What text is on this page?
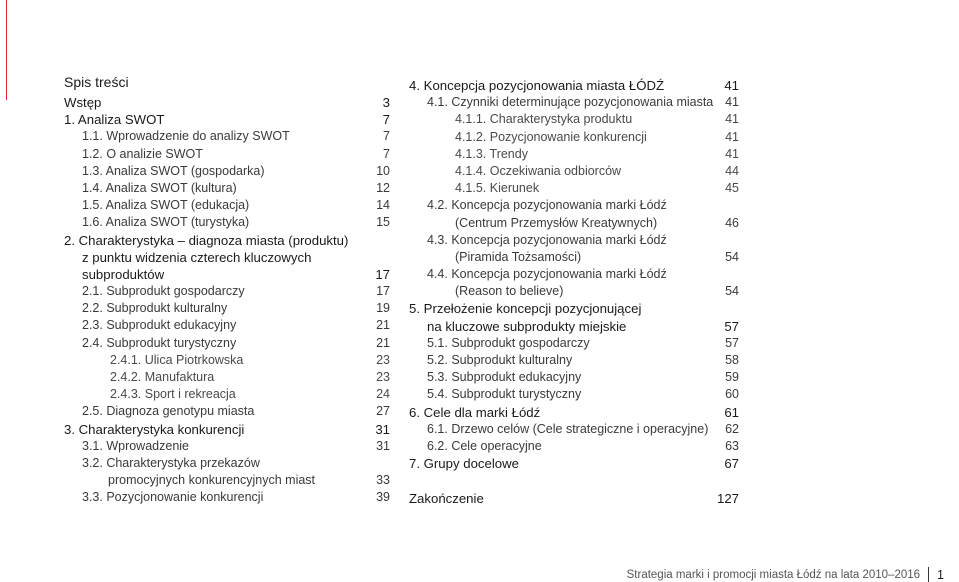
Spis treści
Wstęp	3
1. Analiza SWOT	7
1.1. Wprowadzenie do analizy SWOT	7
1.2. O analizie SWOT	7
1.3. Analiza SWOT (gospodarka)	10
1.4. Analiza SWOT (kultura)	12
1.5. Analiza SWOT (edukacja)	14
1.6. Analiza SWOT (turystyka)	15
2. Charakterystyka – diagnoza miasta (produktu)
z punktu widzenia czterech kluczowych
subproduktów	17
2.1. Subprodukt gospodarczy	17
2.2. Subprodukt kulturalny	19
2.3. Subprodukt edukacyjny	21
2.4. Subprodukt turystyczny	21
2.4.1. Ulica Piotrkowska	23
2.4.2. Manufaktura	23
2.4.3. Sport i rekreacja	24
2.5. Diagnoza genotypu miasta	27
3. Charakterystyka konkurencji	31
3.1. Wprowadzenie	31
3.2. Charakterystyka przekazów
promocyjnych konkurencyjnych miast	33
3.3. Pozycjonowanie konkurencji	39
4. Koncepcja pozycjonowania miasta ŁÓDŹ	41
4.1. Czynniki determinujące pozycjonowania miasta 41
4.1.1. Charakterystyka produktu	41
4.1.2. Pozycjonowanie konkurencji	41
4.1.3. Trendy	41
4.1.4. Oczekiwania odbiorców	44
4.1.5. Kierunek	45
4.2. Koncepcja pozycjonowania marki Łódź
(Centrum Przemysłów Kreatywnych)	46
4.3. Koncepcja pozycjonowania marki Łódź
(Piramida Tożsamości)	54
4.4. Koncepcja pozycjonowania marki Łódź
(Reason to believe)	54
5. Przełożenie koncepcji pozycjonującej
na kluczowe subprodukty miejskie	57
5.1. Subprodukt gospodarczy	57
5.2. Subprodukt kulturalny	58
5.3. Subprodukt edukacyjny	59
5.4. Subprodukt turystyczny	60
6. Cele dla marki Łódź	61
6.1. Drzewo celów (Cele strategiczne i operacyjne) 62
6.2. Cele operacyjne	63
7. Grupy docelowe	67
Zakończenie	127
Strategia marki i promocji miasta Łódź na lata 2010–2016 1
